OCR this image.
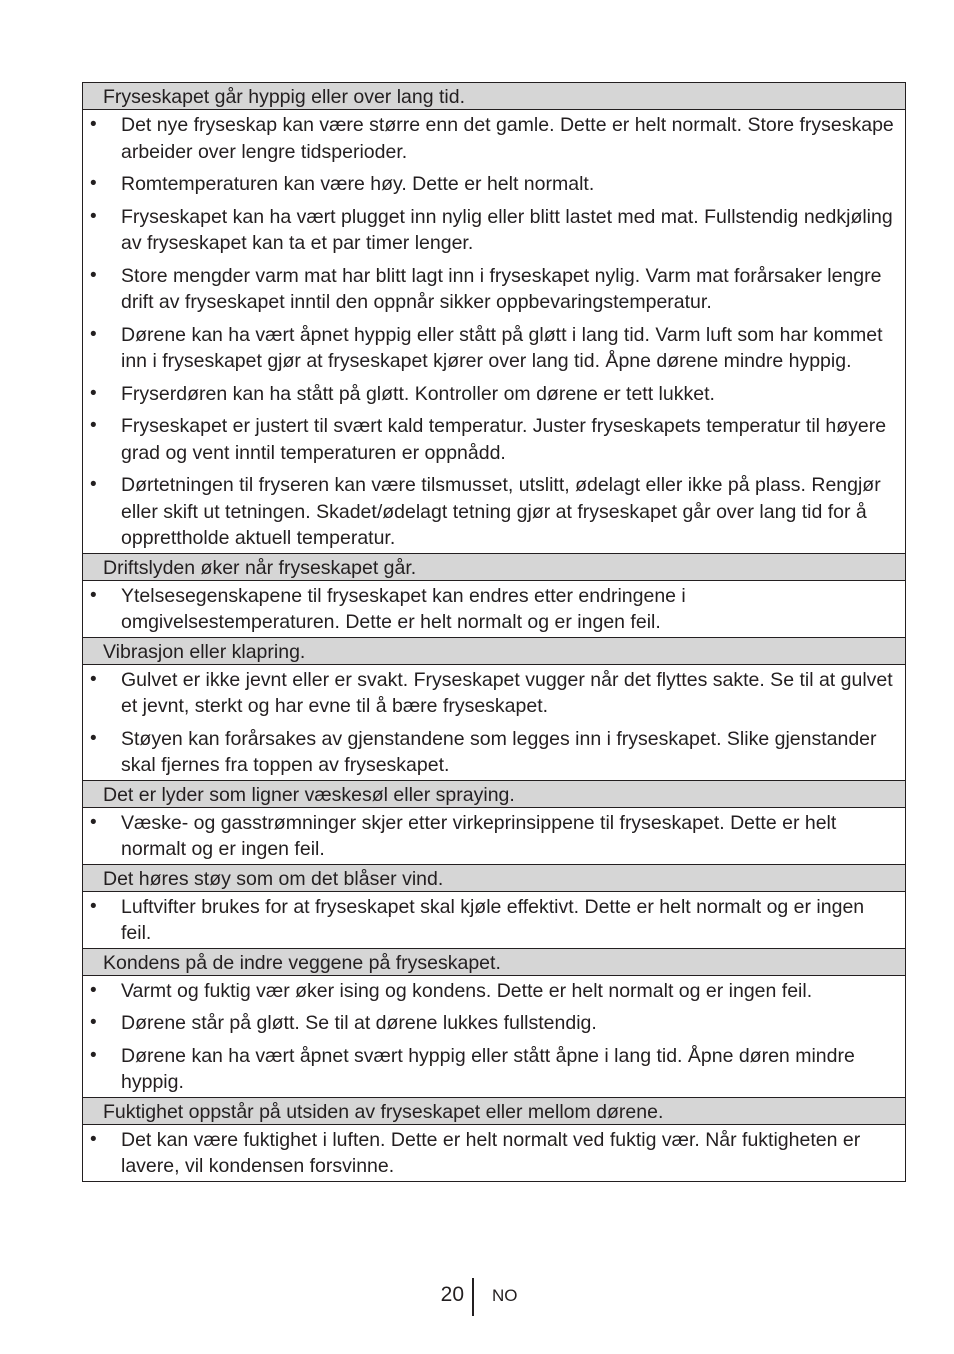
Fryseskapet går hyppig eller over lang tid.
• Det nye fryseskap kan være større enn det gamle. Dette er helt normalt. Store fryseskape arbeider over lengre tidsperioder.
• Romtemperaturen kan være høy. Dette er helt normalt.
• Fryseskapet kan ha vært plugget inn nylig eller blitt lastet med mat. Fullstendig nedkjøling av fryseskapet kan ta et par timer lenger.
• Store mengder varm mat har blitt lagt inn i fryseskapet nylig. Varm mat forårsaker lengre drift av fryseskapet inntil den oppnår sikker oppbevaringstemperatur.
• Dørene kan ha vært åpnet hyppig eller stått på gløtt i lang tid. Varm luft som har kommet inn i fryseskapet gjør at fryseskapet kjører over lang tid. Åpne dørene mindre hyppig.
• Fryserdøren kan ha stått på gløtt. Kontroller om dørene er tett lukket.
• Fryseskapet er justert til svært kald temperatur. Juster fryseskapets temperatur til høyere grad og vent inntil temperaturen er oppnådd.
• Dørtetningen til fryseren kan være tilsmusset, utslitt, ødelagt eller ikke på plass. Rengjør eller skift ut tetningen. Skadet/ødelagt tetning gjør at fryseskapet går over lang tid for å opprettholde aktuell temperatur.
Driftslyden øker når fryseskapet går.
• Ytelsesegenskapene til fryseskapet kan endres etter endringene i omgivelsestemperaturen. Dette er helt normalt og er ingen feil.
Vibrasjon eller klapring.
• Gulvet er ikke jevnt eller er svakt. Fryseskapet vugger når det flyttes sakte. Se til at gulvet et jevnt, sterkt og har evne til å bære fryseskapet.
• Støyen kan forårsakes av gjenstandene som legges inn i fryseskapet. Slike gjenstander skal fjernes fra toppen av fryseskapet.
Det er lyder som ligner væskesøl eller spraying.
• Væske- og gasstrømninger skjer etter virkeprinsippene til fryseskapet. Dette er helt normalt og er ingen feil.
Det høres støy som om det blåser vind.
• Luftvifter brukes for at fryseskapet skal kjøle effektivt. Dette er helt normalt og er ingen feil.
Kondens på de indre veggene på fryseskapet.
• Varmt og fuktig vær øker ising og kondens. Dette er helt normalt og er ingen feil.
• Dørene står på gløtt. Se til at dørene lukkes fullstendig.
• Dørene kan ha vært åpnet svært hyppig eller stått åpne i lang tid. Åpne døren mindre hyppig.
Fuktighet oppstår på utsiden av fryseskapet eller mellom dørene.
• Det kan være fuktighet i luften. Dette er helt normalt ved fuktig vær. Når fuktigheten er lavere, vil kondensen forsvinne.
20 NO
